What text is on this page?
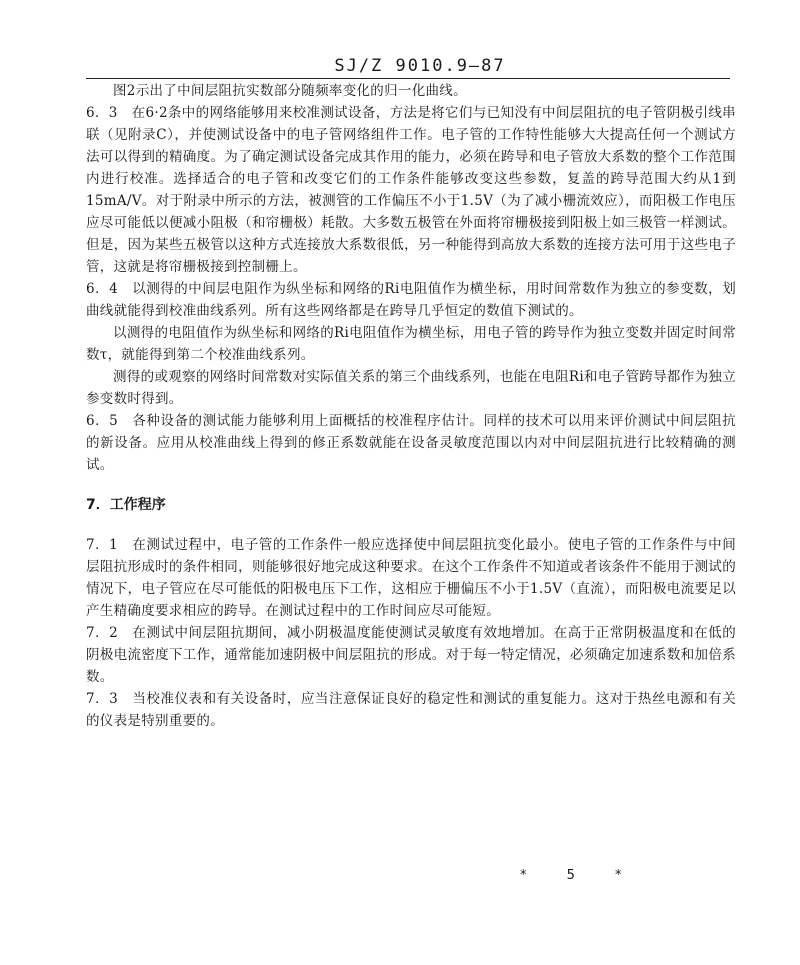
SJ/Z 9010.9—87

图2示出了中间层阻抗实数部分随频率变化的归一化曲线。

6．3　在6·2条中的网络能够用来校准测试设备，方法是将它们与已知没有中间层阻抗的电子管阴极引线串联（见附录C），并使测试设备中的电子管网络组件工作。电子管的工作特性能够大大提高任何一个测试方法可以得到的精确度。为了确定测试设备完成其作用的能力，必须在跨导和电子管放大系数的整个工作范围内进行校准。选择适合的电子管和改变它们的工作条件能够改变这些参数，复盖的跨导范围大约从1到15mA/V。对于附录中所示的方法，被测管的工作偏压不小于1.5V（为了减小栅流效应），而阳极工作电压应尽可能低以便减小阻极（和帘栅极）耗散。大多数五极管在外面将帘栅极接到阳极上如三极管一样测试。但是，因为某些五极管以这种方式连接放大系数很低，另一种能得到高放大系数的连接方法可用于这些电子管，这就是将帘栅极接到控制栅上。

6．4　以测得的中间层电阻作为纵坐标和网络的Ri电阻值作为横坐标，用时间常数作为独立的参变数，划曲线就能得到校准曲线系列。所有这些网络都是在跨导几乎恒定的数值下测试的。

以测得的电阻值作为纵坐标和网络的Ri电阻值作为横坐标，用电子管的跨导作为独立变数并固定时间常数τ，就能得到第二个校准曲线系列。

测得的或观察的网络时间常数对实际值关系的第三个曲线系列，也能在电阻Ri和电子管跨导都作为独立参变数时得到。

6．5　各种设备的测试能力能够利用上面概括的校准程序估计。同样的技术可以用来评价测试中间层阻抗的新设备。应用从校准曲线上得到的修正系数就能在设备灵敏度范围以内对中间层阻抗进行比较精确的测试。

7．工作程序

7．1　在测试过程中，电子管的工作条件一般应选择使中间层阻抗变化最小。使电子管的工作条件与中间层阻抗形成时的条件相同，则能够很好地完成这种要求。在这个工作条件不知道或者该条件不能用于测试的情况下，电子管应在尽可能低的阳极电压下工作，这相应于栅偏压不小于1.5V（直流），而阳极电流要足以产生精确度要求相应的跨导。在测试过程中的工作时间应尽可能短。

7．2　在测试中间层阻抗期间，减小阴极温度能使测试灵敏度有效地增加。在高于正常阴极温度和在低的阴极电流密度下工作，通常能加速阴极中间层阻抗的形成。对于每一特定情况，必须确定加速系数和加倍系数。

7．3　当校准仪表和有关设备时，应当注意保证良好的稳定性和测试的重复能力。这对于热丝电源和有关的仪表是特别重要的。

* 5 *
